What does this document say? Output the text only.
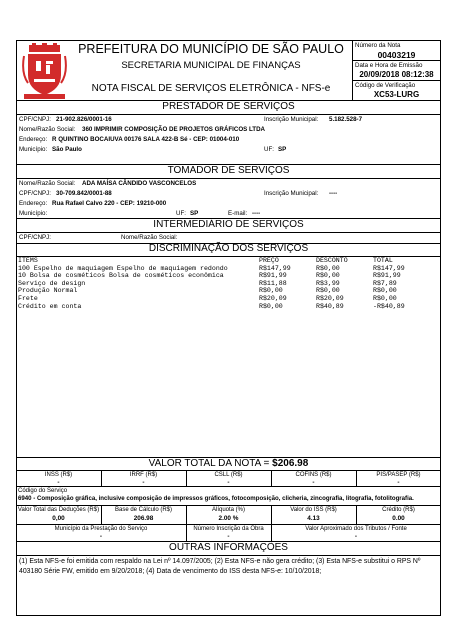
PREFEITURA DO MUNICÍPIO DE SÃO PAULO
SECRETARIA MUNICIPAL DE FINANÇAS
NOTA FISCAL DE SERVIÇOS ELETRÔNICA - NFS-e
Número da Nota
00403219
Data e Hora de Emissão
20/09/2018 08:12:38
Código de Verificação
XC53-LURG
PRESTADOR DE SERVIÇOS
CPF/CNPJ: 21-902.826/0001-16	Inscrição Municipal: 5.182.528-7
Nome/Razão Social: 360 IMPRIMIR COMPOSIÇÃO DE PROJETOS GRÁFICOS LTDA
Endereço: R QUINTINO BOCAIUVA 00176 SALA 422-B Sé - CEP: 01004-010
Município: São Paulo	UF: SP
TOMADOR DE SERVIÇOS
Nome/Razão Social: ADA MAÍSA CÂNDIDO VASCONCELOS
CPF/CNPJ: 30-709.842/0001-88	Inscrição Municipal: ----
Endereço: Rua Rafael Calvo 220 - CEP: 19210-000
Município:	UF: SP	E-mail: ----
INTERMEDIÁRIO DE SERVIÇOS
CPF/CNPJ:	Nome/Razão Social:
DISCRIMINAÇÃO DOS SERVIÇOS
ITEMS	PREÇO	DESCONTO	TOTAL
100 Espelho de maquiagem Espelho de maquiagem redondo	R$147,99	R$0,00	R$147,99
10 Bolsa de cosméticos Bolsa de cosméticos econômica	R$91,99	R$0,00	R$91,99
Serviço de design	R$11,88	R$3,99	R$7,89
Produção Normal	R$0,00	R$0,00	R$0,00
Frete	R$20,09	R$20,09	R$0,00
Crédito em conta	R$0,00	R$40,89	-R$40,89
VALOR TOTAL DA NOTA = $206.98
INSS (R$)
-
IRRF (R$)
-
CSLL (R$)
-
COFINS (R$)
-
PIS/PASEP (R$)
-
Código do Serviço
6940 - Composição gráfica, inclusive composição de impressos gráficos, fotocomposição, clicheria, zincografia, litografia, fotolitografia.
Valor Total das Deduções (R$)
0,00
Base de Cálculo (R$)
206.98
Alíquota (%)
2.00 %
Valor do ISS (R$)
4.13
Crédito (R$)
0.00
Município da Prestação do Serviço
-
Número Inscrição da Obra
-
Valor Aproximado dos Tributos / Fonte
-
OUTRAS INFORMAÇÕES
(1) Esta NFS-e foi emitida com respaldo na Lei nº 14.097/2005; (2) Esta NFS-e não gera crédito; (3) Esta NFS-e substitui o RPS Nº 403180 Série FW, emitido em 9/20/2018; (4) Data de vencimento do ISS desta NFS-e: 10/10/2018;
